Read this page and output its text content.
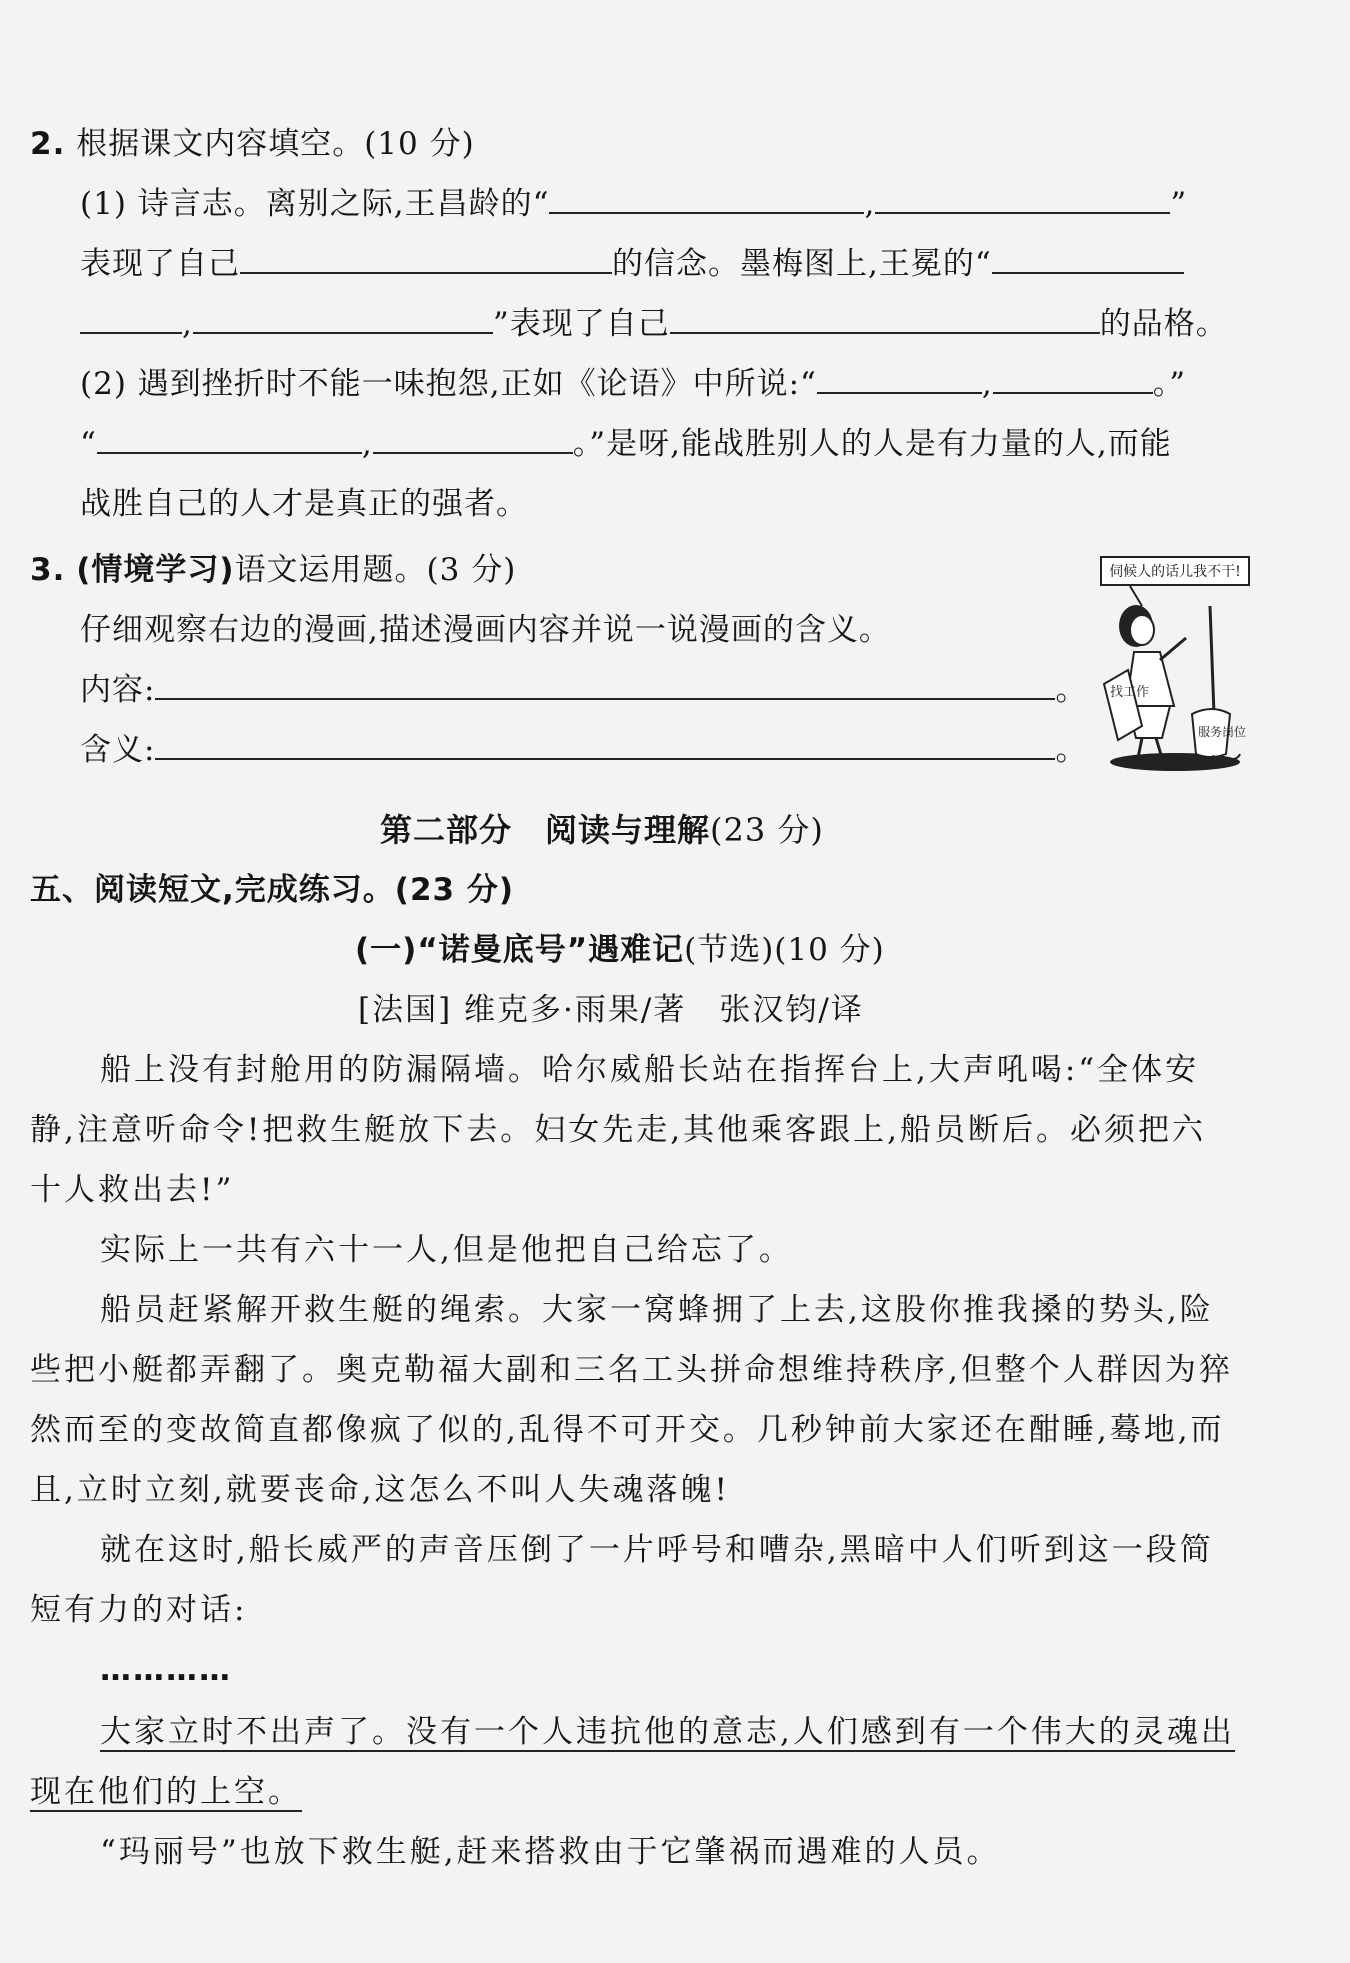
2. 根据课文内容填空。(10 分)
(1) 诗言志。离别之际,王昌龄的“	,	”
表现了自己	的信念。墨梅图上,王冕的“
,	”表现了自己	的品格。
(2) 遇到挫折时不能一味抱怨,正如《论语》中所说:“	,	。”
“	,	。”是呀,能战胜别人的人是有力量的人,而能
战胜自己的人才是真正的强者。
3. (情境学习)语文运用题。(3 分)
仔细观察右边的漫画,描述漫画内容并说一说漫画的含义。
内容:	。
含义:	。
伺候人的话儿我不干!
找工作
服务岗位
第二部分　阅读与理解(23 分)
五、阅读短文,完成练习。(23 分)
(一)“诺曼底号”遇难记(节选)(10 分)
[法国] 维克多·雨果/著　张汉钧/译
船上没有封舱用的防漏隔墙。哈尔威船长站在指挥台上,大声吼喝:“全体安
静,注意听命令!把救生艇放下去。妇女先走,其他乘客跟上,船员断后。必须把六
十人救出去!”
实际上一共有六十一人,但是他把自己给忘了。
船员赶紧解开救生艇的绳索。大家一窝蜂拥了上去,这股你推我搡的势头,险
些把小艇都弄翻了。奥克勒福大副和三名工头拼命想维持秩序,但整个人群因为猝
然而至的变故简直都像疯了似的,乱得不可开交。几秒钟前大家还在酣睡,蓦地,而
且,立时立刻,就要丧命,这怎么不叫人失魂落魄!
就在这时,船长威严的声音压倒了一片呼号和嘈杂,黑暗中人们听到这一段简
短有力的对话:
…………
大家立时不出声了。没有一个人违抗他的意志,人们感到有一个伟大的灵魂出
现在他们的上空。
“玛丽号”也放下救生艇,赶来搭救由于它肇祸而遇难的人员。
